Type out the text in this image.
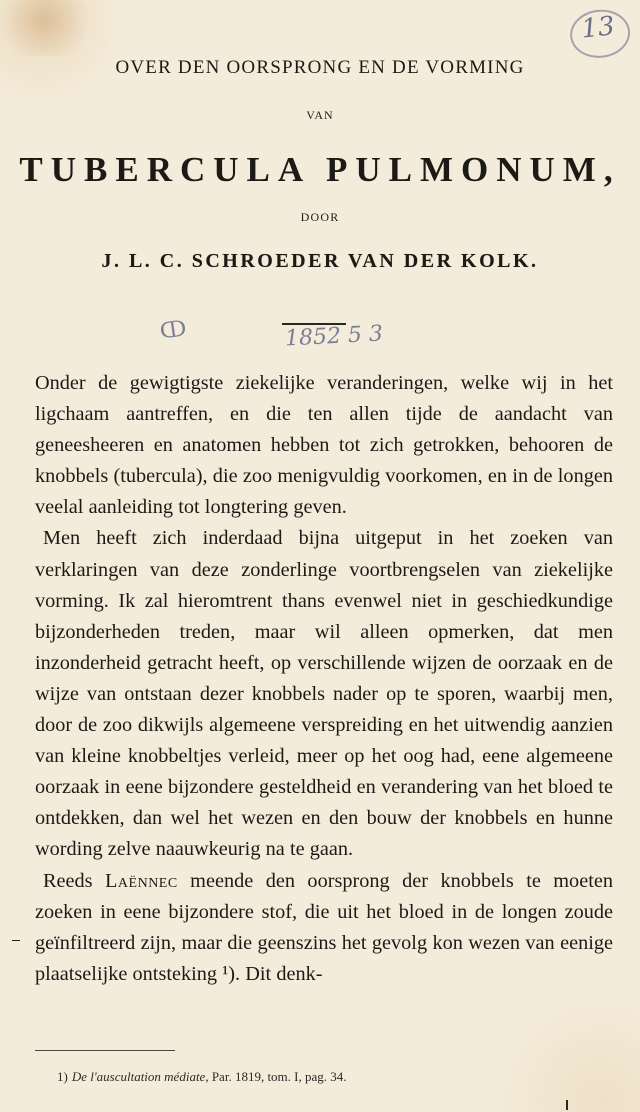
13
OVER DEN OORSPRONG EN DE VORMING
VAN
TUBERCULA PULMONUM,
DOOR
J. L. C. SCHROEDER VAN DER KOLK.
ↀ	1852 5 3

Onder de gewigtigste ziekelijke veranderingen, welke wij in het ligchaam aantreffen, en die ten allen tijde de aandacht van geneesheeren en anatomen hebben tot zich getrokken, behooren de knobbels (tubercula), die zoo menigvuldig voorkomen, en in de longen veelal aanleiding tot longtering geven.

Men heeft zich inderdaad bijna uitgeput in het zoeken van verklaringen van deze zonderlinge voortbrengselen van ziekelijke vorming. Ik zal hieromtrent thans evenwel niet in geschiedkundige bijzonderheden treden, maar wil alleen opmerken, dat men inzonderheid getracht heeft, op verschillende wijzen de oorzaak en de wijze van ontstaan dezer knobbels nader op te sporen, waarbij men, door de zoo dikwijls algemeene verspreiding en het uitwendig aanzien van kleine knobbeltjes verleid, meer op het oog had, eene algemeene oorzaak in eene bijzondere gesteldheid en verandering van het bloed te ontdekken, dan wel het wezen en den bouw der knobbels en hunne wording zelve naauwkeurig na te gaan.

Reeds Laënnec meende den oorsprong der knobbels te moeten zoeken in eene bijzondere stof, die uit het bloed in de longen zoude geïnfiltreerd zijn, maar die geenszins het gevolg kon wezen van eenige plaatselijke ontsteking ¹). Dit denk-

1) De l'auscultation médiate, Par. 1819, tom. I, pag. 34.
